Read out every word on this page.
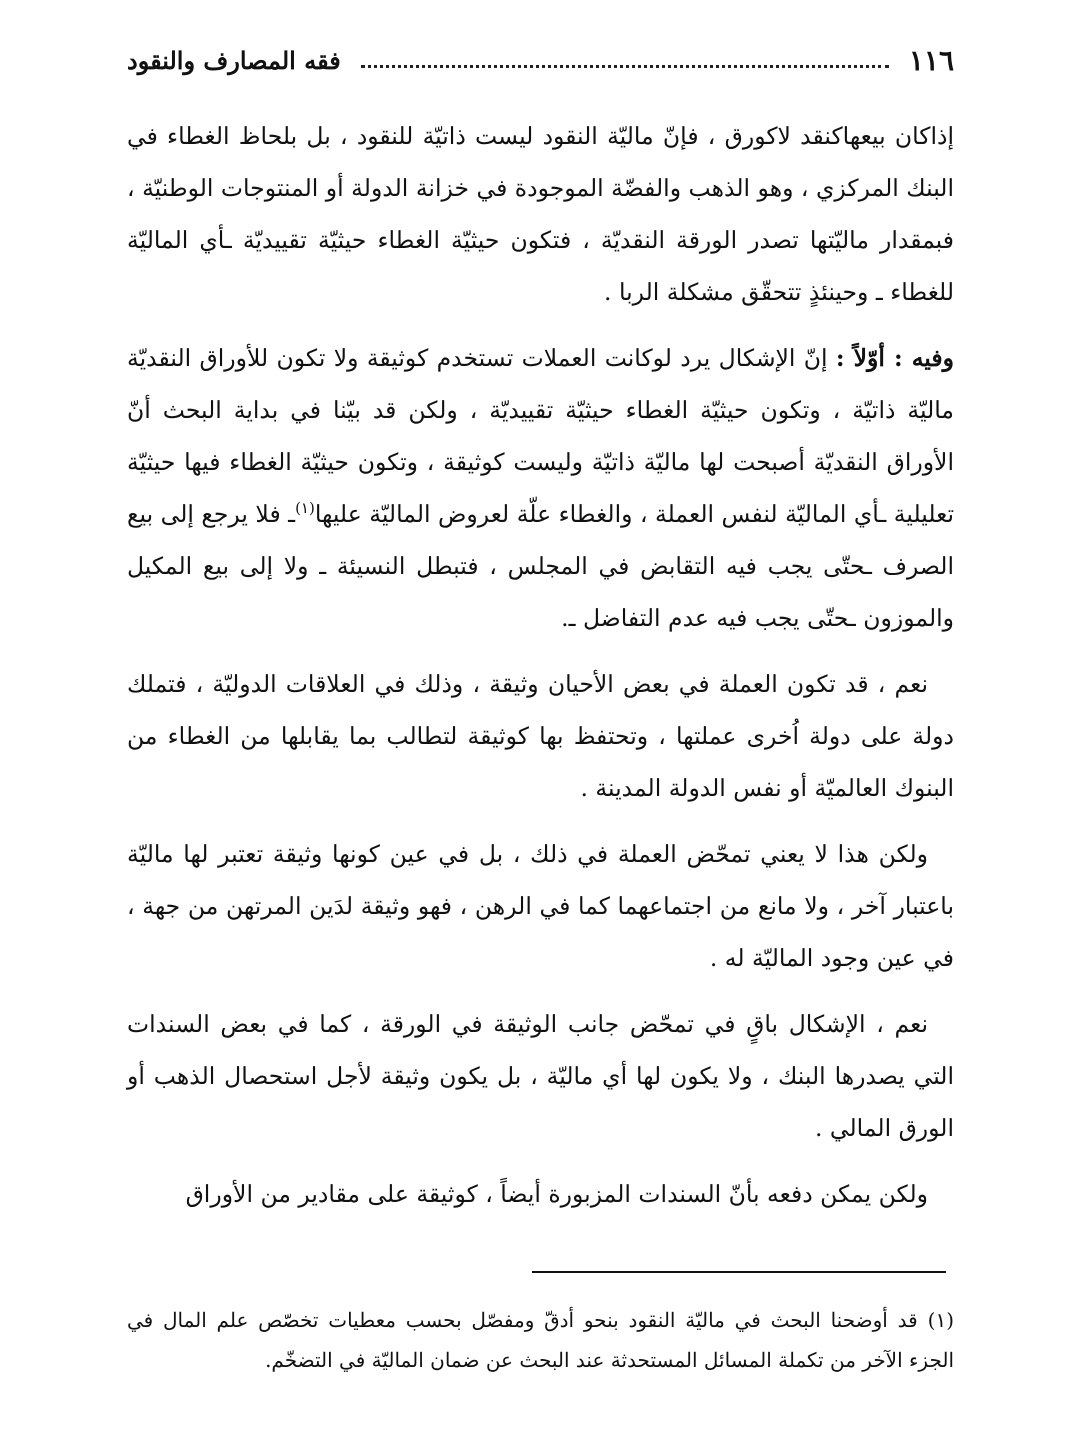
١١٦
فقه المصارف والنقود

إذاكان بيعهاكنقد لاكورق ، فإنّ ماليّة النقود ليست ذاتيّة للنقود ، بل بلحاظ الغطاء في البنك المركزي ، وهو الذهب والفضّة الموجودة في خزانة الدولة أو المنتوجات الوطنيّة ، فبمقدار ماليّتها تصدر الورقة النقديّة ، فتكون حيثيّة الغطاء حيثيّة تقييديّة ـأي الماليّة للغطاء ـ وحينئذٍ تتحقّق مشكلة الربا .

وفيه : أوّلاً : إنّ الإشكال يرد لوكانت العملات تستخدم كوثيقة ولا تكون للأوراق النقديّة ماليّة ذاتيّة ، وتكون حيثيّة الغطاء حيثيّة تقييديّة ، ولكن قد بيّنا في بداية البحث أنّ الأوراق النقديّة أصبحت لها ماليّة ذاتيّة وليست كوثيقة ، وتكون حيثيّة الغطاء فيها حيثيّة تعليلية ـأي الماليّة لنفس العملة ، والغطاء علّة لعروض الماليّة عليها$^{(١)}$ـ فلا يرجع إلى بيع الصرف ـحتّى يجب فيه التقابض في المجلس ، فتبطل النسيئة ـ ولا إلى بيع المكيل والموزون ـحتّى يجب فيه عدم التفاضل ـ.

نعم ، قد تكون العملة في بعض الأحيان وثيقة ، وذلك في العلاقات الدوليّة ، فتملك دولة على دولة اُخرى عملتها ، وتحتفظ بها كوثيقة لتطالب بما يقابلها من الغطاء من البنوك العالميّة أو نفس الدولة المدينة .

ولكن هذا لا يعني تمحّض العملة في ذلك ، بل في عين كونها وثيقة تعتبر لها ماليّة باعتبار آخر ، ولا مانع من اجتماعهما كما في الرهن ، فهو وثيقة لدَين المرتهن من جهة ، في عين وجود الماليّة له .

نعم ، الإشكال باقٍ في تمحّض جانب الوثيقة في الورقة ، كما في بعض السندات التي يصدرها البنك ، ولا يكون لها أي ماليّة ، بل يكون وثيقة لأجل استحصال الذهب أو الورق المالي .

ولكن يمكن دفعه بأنّ السندات المزبورة أيضاً ، كوثيقة على مقادير من الأوراق

(١)قد أوضحنا البحث في ماليّة النقود بنحو أدقّ ومفصّل بحسب معطيات تخصّص علم المال في الجزء الآخر من تكملة المسائل المستحدثة عند البحث عن ضمان الماليّة في التضخّم.
